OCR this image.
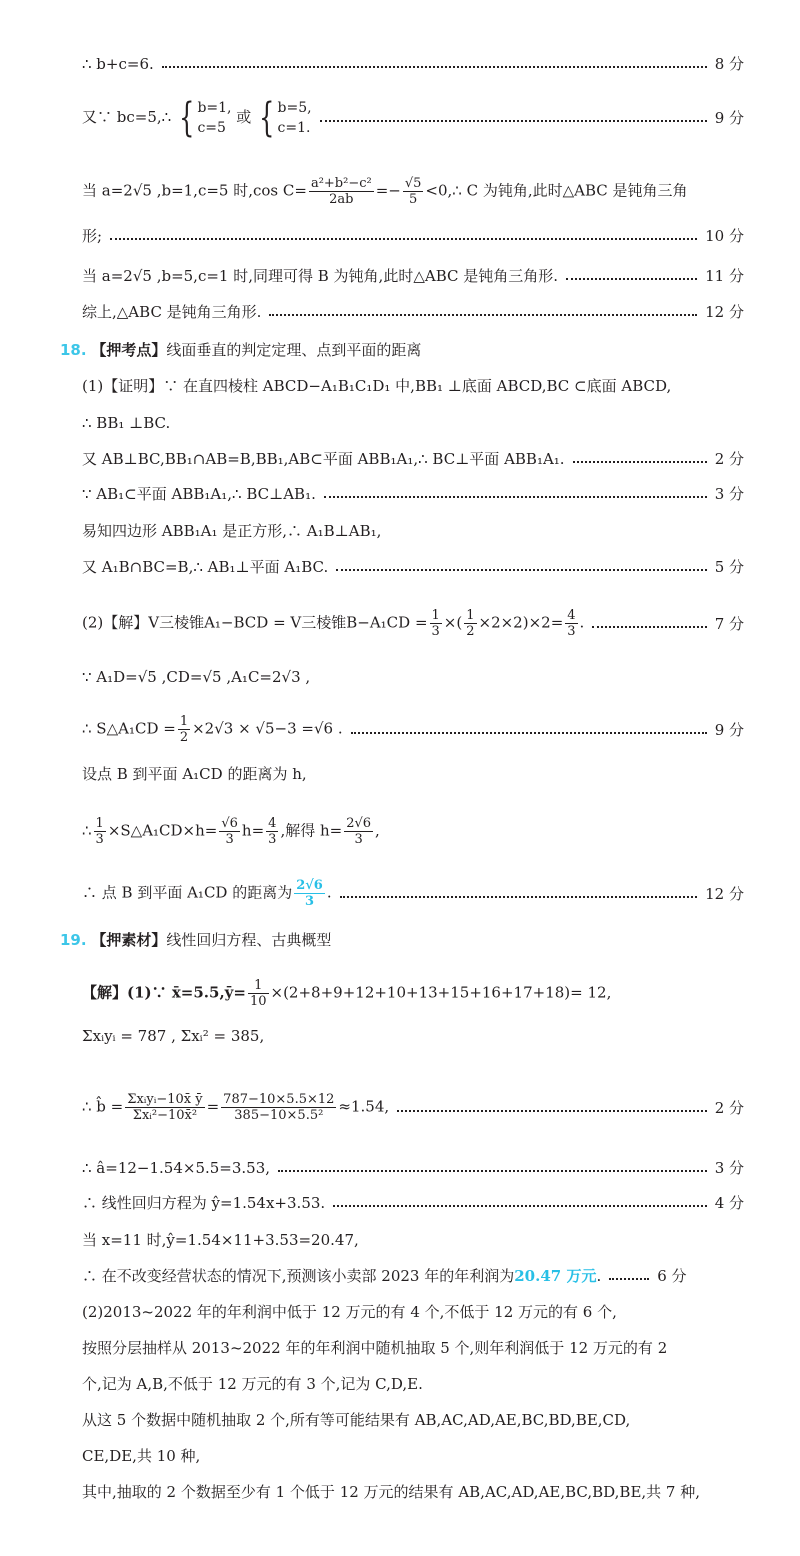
∴ b+c=6.	8 分
又∵ bc=5,∴ { b=1,
c=5
或 { b=5,
c=1.
9 分
当 a=2√5 ,b=1,c=5 时,cos $C= \frac{\text{a²+b²−c²}}{2ab} =- \frac{√5}{5}$ <0,∴ C 为钝角,此时△ABC 是钝角三角
形;	10 分
当 a=2√5 ,b=5,c=1 时,同理可得 B 为钝角,此时△ABC 是钝角三角形.	11 分
综上,△ABC 是钝角三角形.	12 分
18. 【押考点】线面垂直的判定定理、点到平面的距离
(1)【证明】∵ 在直四棱柱 ABCD−A₁B₁C₁D₁ 中,BB₁ ⊥底面 ABCD,BC ⊂底面 ABCD,
∴ BB₁ ⊥BC.
又 AB⊥BC,BB₁∩AB=B,BB₁,AB⊂平面 ABB₁A₁,∴ BC⊥平面 ABB₁A₁.	2 分
∵ AB₁⊂平面 ABB₁A₁,∴ BC⊥AB₁.	3 分
易知四边形 ABB₁A₁ 是正方形,∴ A₁B⊥AB₁,
又 A₁B∩BC=B,∴ AB₁⊥平面 A₁BC.	5 分
(2)【解】V三棱锥A₁−BCD = V三棱锥$B-A_1CD = \frac{1}{3}$ ×( $\frac{1}{2} \times 2\times 2)\times 2= \frac{4}{3}$ .	7 分
∵ A₁D=√5 ,CD=√5 ,A₁C=2√3 ,
∴ S△A₁CD = $\frac{1}{2} \times 2√3 \times √5-3 =√6$ .	9 分
设点 B 到平面 A₁CD 的距离为 h,
∴ $\frac{1}{3}$ ×S△A₁CD×h= $\frac{√6}{3} h= \frac{4}{3}$ ,解得 $h= \frac{2√6}{3}$ ,
∴ 点 B 到平面 A₁CD 的距离为 $\frac{2√6}{3}$ .	12 分
19. 【押素材】线性回归方程、古典概型
【解】(1)∵ x̄=5.5,ȳ= $\frac{1}{10} \times(2+8+9+12+10+13+15+16+17+18)= 12$,
Σxᵢyᵢ = 787 , Σxᵢ² = 385,
∴ b̂ = $\frac{\text{Σxᵢyᵢ−10x̄ ȳ}}{\text{Σxᵢ²−10x̄²}} = \frac{787-10\times 5.5\times 12}{\text{385−10×5.5²}} \approx 1.54$,	2 分
∴ â=12−1.54×5.5=3.53,	3 分
∴ 线性回归方程为 ŷ=1.54x+3.53.	4 分
当 x=11 时,ŷ=1.54×11+3.53=20.47,
∴ 在不改变经营状态的情况下,预测该小卖部 2023 年的年利润为20.47 万元.	6 分
(2)2013~2022 年的年利润中低于 12 万元的有 4 个,不低于 12 万元的有 6 个,
按照分层抽样从 2013~2022 年的年利润中随机抽取 5 个,则年利润低于 12 万元的有 2
个,记为 A,B,不低于 12 万元的有 3 个,记为 C,D,E.
从这 5 个数据中随机抽取 2 个,所有等可能结果有 AB,AC,AD,AE,BC,BD,BE,CD,
CE,DE,共 10 种,
其中,抽取的 2 个数据至少有 1 个低于 12 万元的结果有 AB,AC,AD,AE,BC,BD,BE,共 7 种,
